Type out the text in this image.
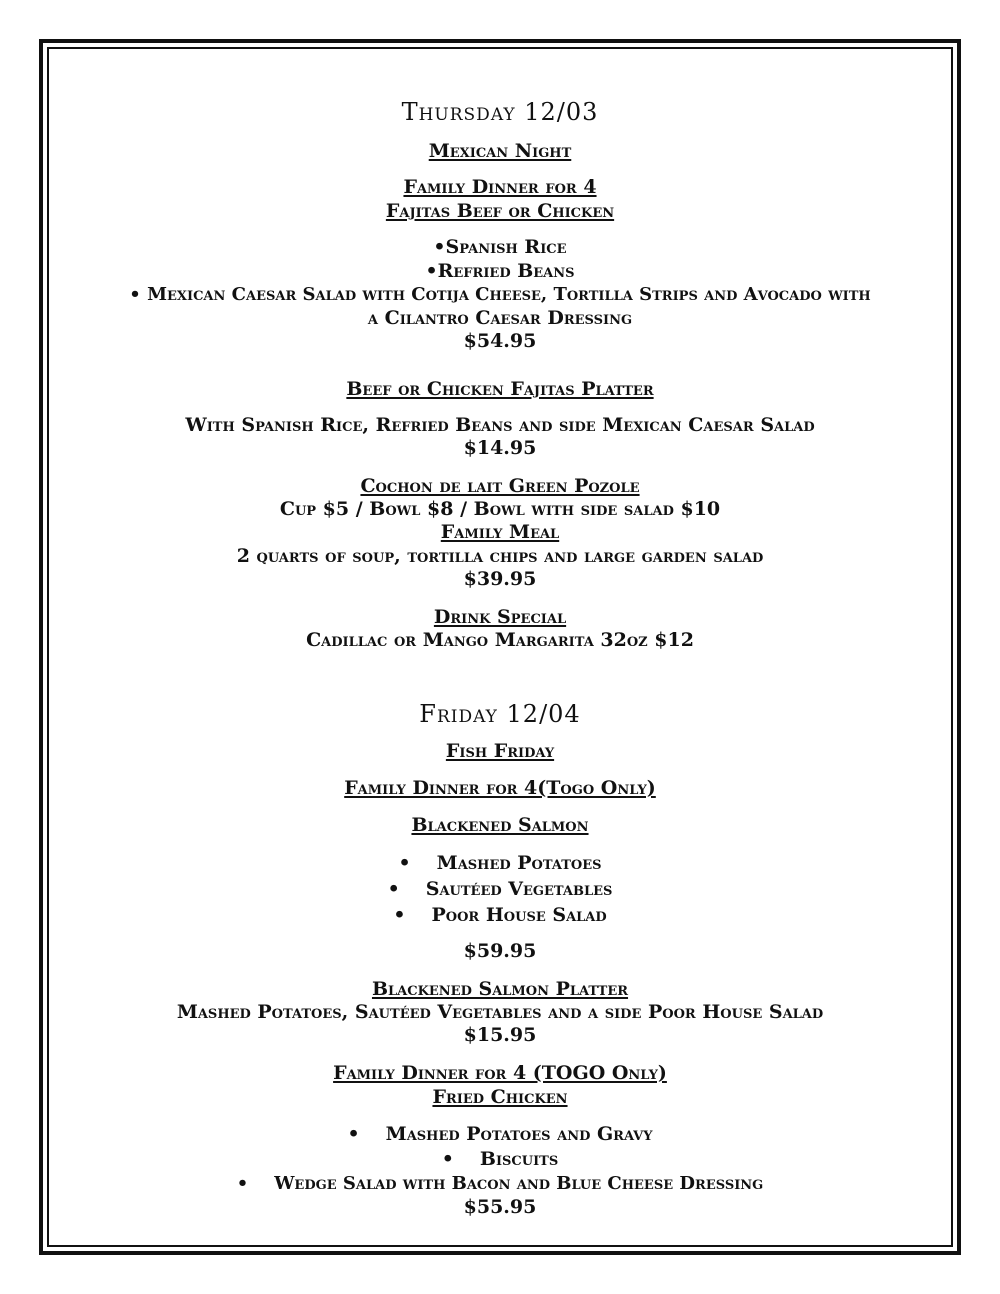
Thursday 12/03
Mexican Night
Family Dinner for 4
Fajitas Beef or Chicken
•Spanish Rice
•Refried Beans
• Mexican Caesar Salad with Cotija Cheese, Tortilla Strips and Avocado with
a Cilantro Caesar Dressing
$54.95
Beef or Chicken Fajitas Platter
With Spanish Rice, Refried Beans and side Mexican Caesar Salad
$14.95
Cochon de lait Green Pozole
Cup $5 / Bowl $8 / Bowl with side salad $10
Family Meal
2 quarts of soup, tortilla chips and large garden salad
$39.95
Drink Special
Cadillac or Mango Margarita 32oz $12
Friday 12/04
Fish Friday
Family Dinner for 4(Togo Only)
Blackened Salmon
• Mashed Potatoes
• Sautéed Vegetables
• Poor House Salad
$59.95
Blackened Salmon Platter
Mashed Potatoes, Sautéed Vegetables and a side Poor House Salad
$15.95
Family Dinner for 4 (TOGO Only)
Fried Chicken
• Mashed Potatoes and Gravy
• Biscuits
• Wedge Salad with Bacon and Blue Cheese Dressing
$55.95
